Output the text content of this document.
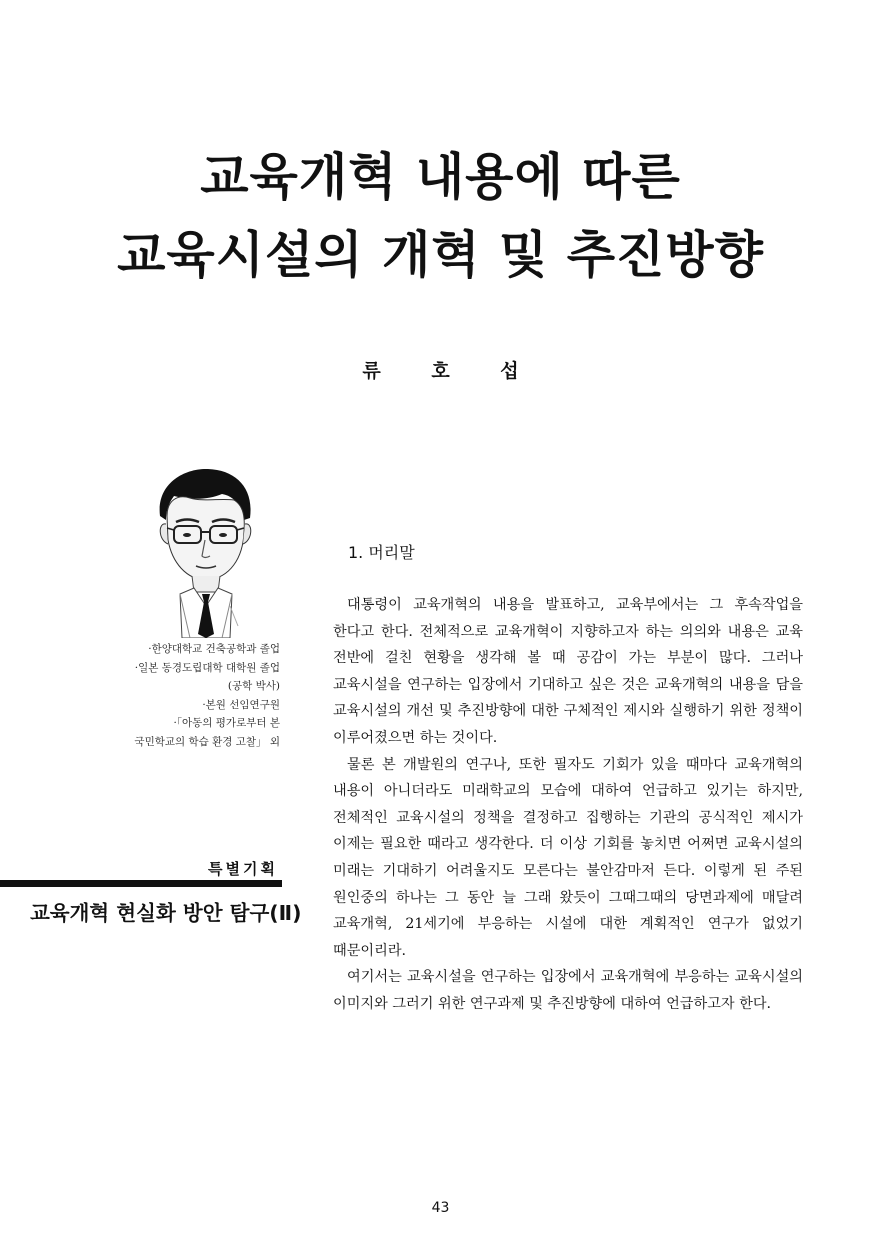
교육개혁 내용에 따른
교육시설의 개혁 및 추진방향
류 호 섭
·한양대학교 건축공학과 졸업
·일본 동경도립대학 대학원 졸업
(공학 박사)
·본원 선임연구원
·「아동의 평가로부터 본
국민학교의 학습 환경 고찰」 외
특별기획
교육개혁 현실화 방안 탐구(Ⅱ)
1. 머리말

대통령이 교육개혁의 내용을 발표하고, 교육부에서는 그 후속작업을 한다고 한다. 전체적으로 교육개혁이 지향하고자 하는 의의와 내용은 교육 전반에 걸친 현황을 생각해 볼 때 공감이 가는 부분이 많다. 그러나 교육시설을 연구하는 입장에서 기대하고 싶은 것은 교육개혁의 내용을 담을 교육시설의 개선 및 추진방향에 대한 구체적인 제시와 실행하기 위한 정책이 이루어졌으면 하는 것이다.

물론 본 개발원의 연구나, 또한 필자도 기회가 있을 때마다 교육개혁의 내용이 아니더라도 미래학교의 모습에 대하여 언급하고 있기는 하지만, 전체적인 교육시설의 정책을 결정하고 집행하는 기관의 공식적인 제시가 이제는 필요한 때라고 생각한다. 더 이상 기회를 놓치면 어쩌면 교육시설의 미래는 기대하기 어려울지도 모른다는 불안감마저 든다. 이렇게 된 주된 원인중의 하나는 그 동안 늘 그래 왔듯이 그때그때의 당면과제에 매달려 교육개혁, 21세기에 부응하는 시설에 대한 계획적인 연구가 없었기 때문이리라.

여기서는 교육시설을 연구하는 입장에서 교육개혁에 부응하는 교육시설의 이미지와 그러기 위한 연구과제 및 추진방향에 대하여 언급하고자 한다.

43
